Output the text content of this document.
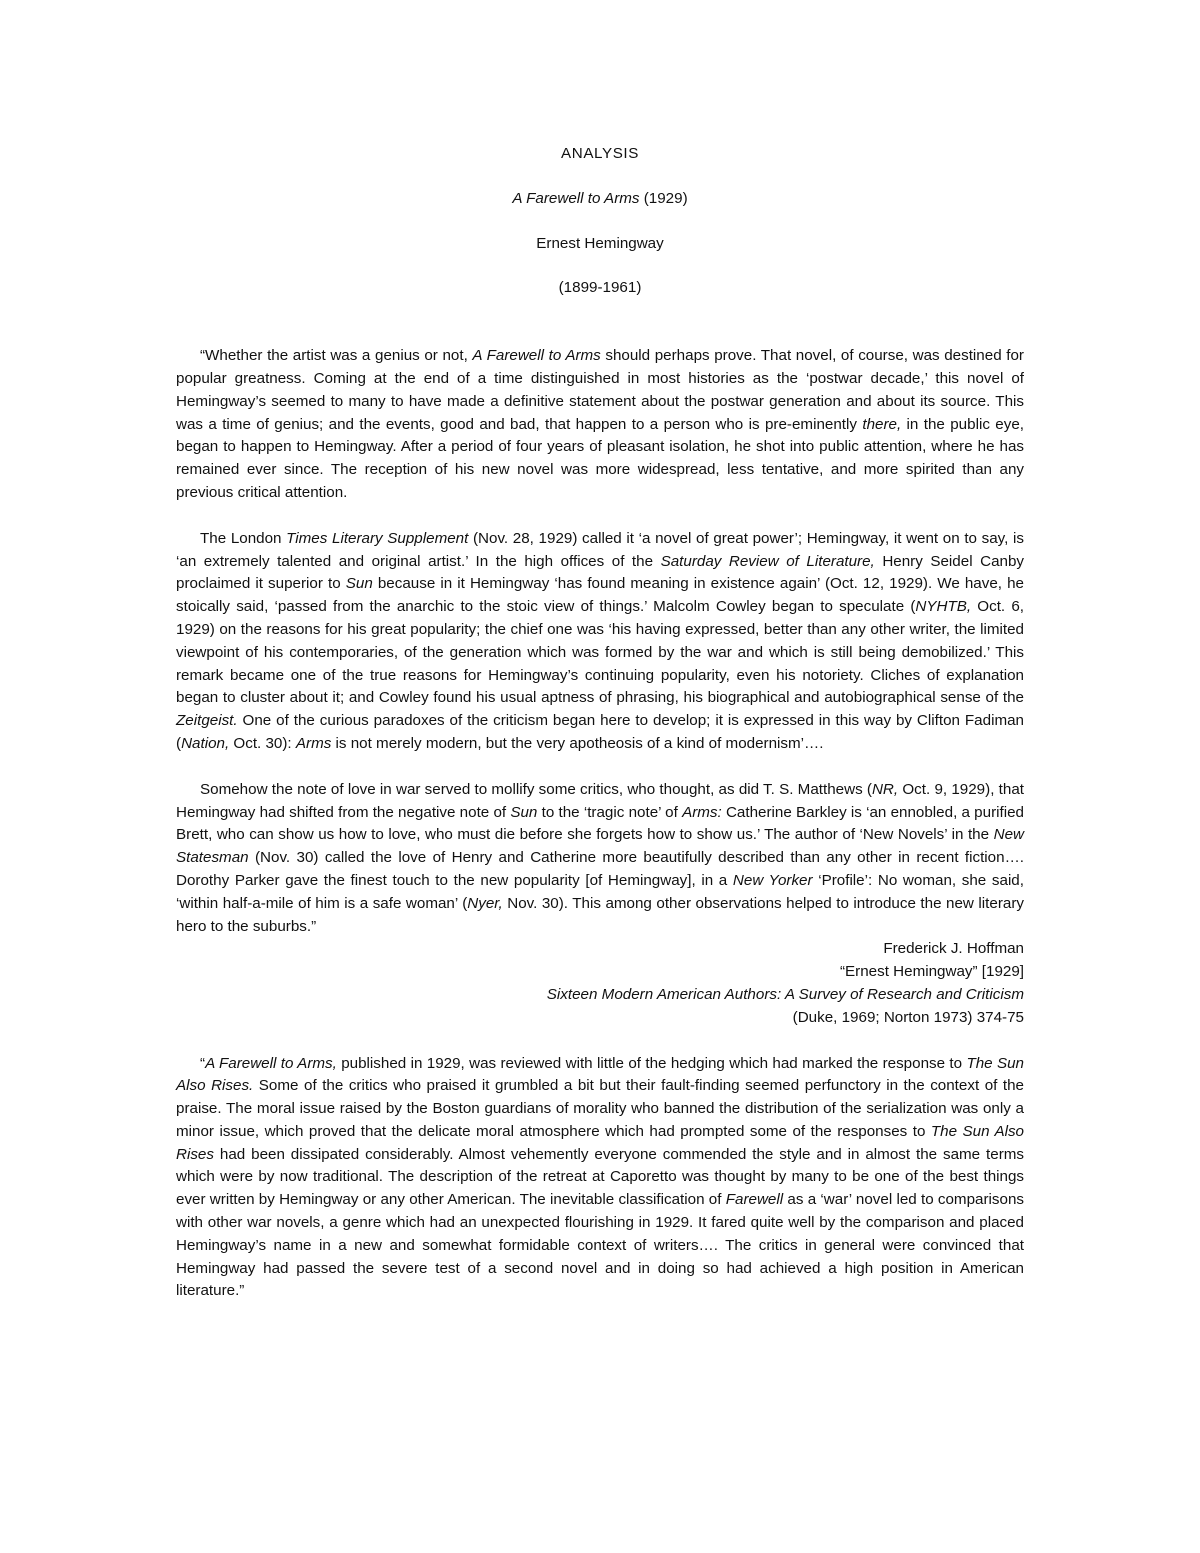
ANALYSIS

A Farewell to Arms (1929)

Ernest Hemingway

(1899-1961)

“Whether the artist was a genius or not, A Farewell to Arms should perhaps prove. That novel, of course, was destined for popular greatness. Coming at the end of a time distinguished in most histories as the ‘postwar decade,’ this novel of Hemingway’s seemed to many to have made a definitive statement about the postwar generation and about its source. This was a time of genius; and the events, good and bad, that happen to a person who is pre-eminently there, in the public eye, began to happen to Hemingway. After a period of four years of pleasant isolation, he shot into public attention, where he has remained ever since. The reception of his new novel was more widespread, less tentative, and more spirited than any previous critical attention.

The London Times Literary Supplement (Nov. 28, 1929) called it ‘a novel of great power’; Hemingway, it went on to say, is ‘an extremely talented and original artist.’ In the high offices of the Saturday Review of Literature, Henry Seidel Canby proclaimed it superior to Sun because in it Hemingway ‘has found meaning in existence again’ (Oct. 12, 1929). We have, he stoically said, ‘passed from the anarchic to the stoic view of things.’ Malcolm Cowley began to speculate (NYHTB, Oct. 6, 1929) on the reasons for his great popularity; the chief one was ‘his having expressed, better than any other writer, the limited viewpoint of his contemporaries, of the generation which was formed by the war and which is still being demobilized.’ This remark became one of the true reasons for Hemingway’s continuing popularity, even his notoriety. Cliches of explanation began to cluster about it; and Cowley found his usual aptness of phrasing, his biographical and autobiographical sense of the Zeitgeist. One of the curious paradoxes of the criticism began here to develop; it is expressed in this way by Clifton Fadiman (Nation, Oct. 30): Arms is not merely modern, but the very apotheosis of a kind of modernism’….

Somehow the note of love in war served to mollify some critics, who thought, as did T. S. Matthews (NR, Oct. 9, 1929), that Hemingway had shifted from the negative note of Sun to the ‘tragic note’ of Arms: Catherine Barkley is ‘an ennobled, a purified Brett, who can show us how to love, who must die before she forgets how to show us.’ The author of ‘New Novels’ in the New Statesman (Nov. 30) called the love of Henry and Catherine more beautifully described than any other in recent fiction…. Dorothy Parker gave the finest touch to the new popularity [of Hemingway], in a New Yorker ‘Profile’: No woman, she said, ‘within half-a-mile of him is a safe woman’ (Nyer, Nov. 30). This among other observations helped to introduce the new literary hero to the suburbs.”

Frederick J. Hoffman

“Ernest Hemingway” [1929]

Sixteen Modern American Authors: A Survey of Research and Criticism

(Duke, 1969; Norton 1973) 374-75

“A Farewell to Arms, published in 1929, was reviewed with little of the hedging which had marked the response to The Sun Also Rises. Some of the critics who praised it grumbled a bit but their fault-finding seemed perfunctory in the context of the praise. The moral issue raised by the Boston guardians of morality who banned the distribution of the serialization was only a minor issue, which proved that the delicate moral atmosphere which had prompted some of the responses to The Sun Also Rises had been dissipated considerably. Almost vehemently everyone commended the style and in almost the same terms which were by now traditional. The description of the retreat at Caporetto was thought by many to be one of the best things ever written by Hemingway or any other American. The inevitable classification of Farewell as a ‘war’ novel led to comparisons with other war novels, a genre which had an unexpected flourishing in 1929. It fared quite well by the comparison and placed Hemingway’s name in a new and somewhat formidable context of writers…. The critics in general were convinced that Hemingway had passed the severe test of a second novel and in doing so had achieved a high position in American literature.”
